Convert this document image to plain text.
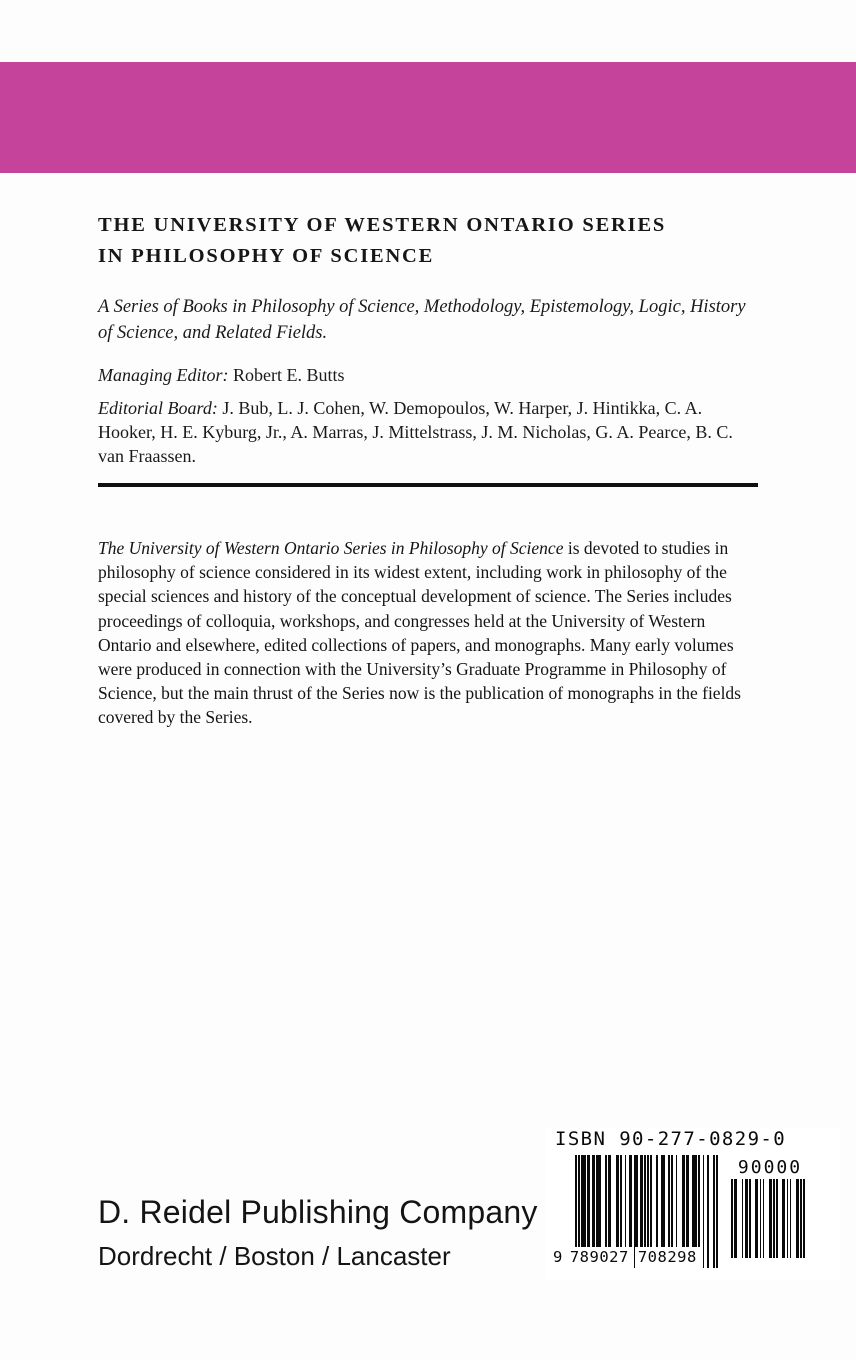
THE UNIVERSITY OF WESTERN ONTARIO SERIES
IN PHILOSOPHY OF SCIENCE
A Series of Books in Philosophy of Science, Methodology, Epistemology, Logic, History of Science, and Related Fields.
Managing Editor: Robert E. Butts
Editorial Board: J. Bub, L. J. Cohen, W. Demopoulos, W. Harper, J. Hintikka, C. A. Hooker, H. E. Kyburg, Jr., A. Marras, J. Mittelstrass, J. M. Nicholas, G. A. Pearce, B. C. van Fraassen.
The University of Western Ontario Series in Philosophy of Science is devoted to studies in philosophy of science considered in its widest extent, including work in philosophy of the special sciences and history of the conceptual development of science. The Series includes proceedings of colloquia, workshops, and congresses held at the University of Western Ontario and elsewhere, edited collections of papers, and monographs. Many early volumes were produced in connection with the University’s Graduate Programme in Philosophy of Science, but the main thrust of the Series now is the publication of monographs in the fields covered by the Series.
D. Reidel Publishing Company
Dordrecht / Boston / Lancaster
ISBN 90-277-0829-0
9 789027 708298
90000
